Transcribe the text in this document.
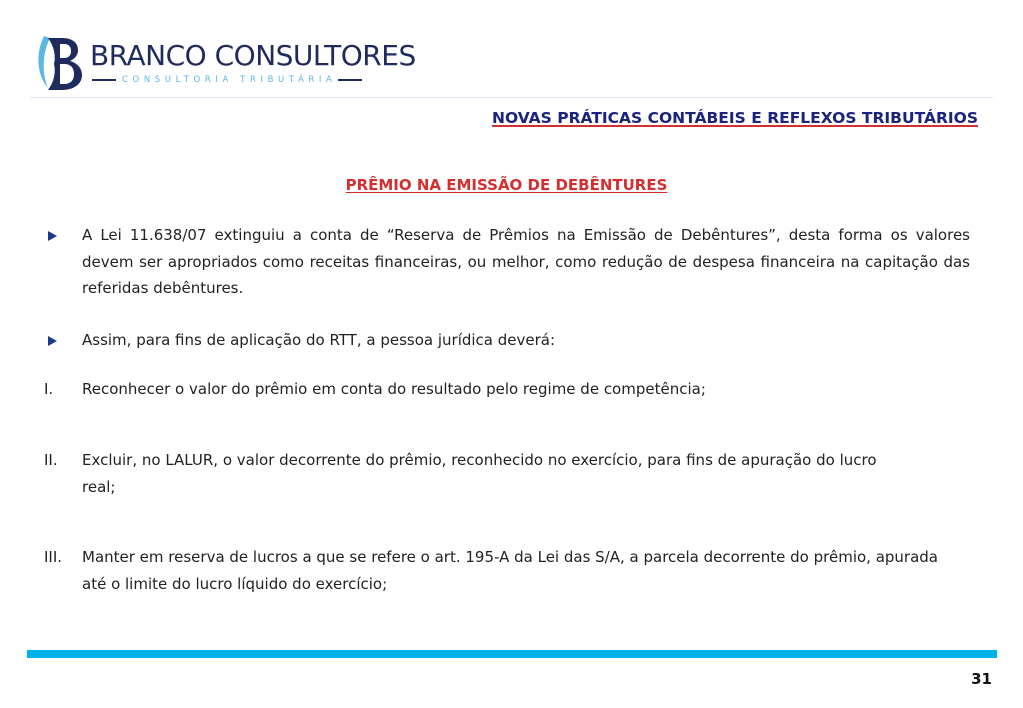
BRANCO CONSULTORES
CONSULTORIA TRIBUTÁRIA
NOVAS PRÁTICAS CONTÁBEIS E REFLEXOS TRIBUTÁRIOS
PRÊMIO NA EMISSÃO DE DEBÊNTURES
A Lei 11.638/07 extinguiu a conta de “Reserva de Prêmios na Emissão de Debêntures”, desta forma os valores devem ser apropriados como receitas financeiras, ou melhor, como redução de despesa financeira na capitação das referidas debêntures.
Assim, para fins de aplicação do RTT, a pessoa jurídica deverá:
I. Reconhecer o valor do prêmio em conta do resultado pelo regime de competência;
II. Excluir, no LALUR, o valor decorrente do prêmio, reconhecido no exercício, para fins de apuração do lucro real;
III. Manter em reserva de lucros a que se refere o art. 195-A da Lei das S/A, a parcela decorrente do prêmio, apurada até o limite do lucro líquido do exercício;
31
